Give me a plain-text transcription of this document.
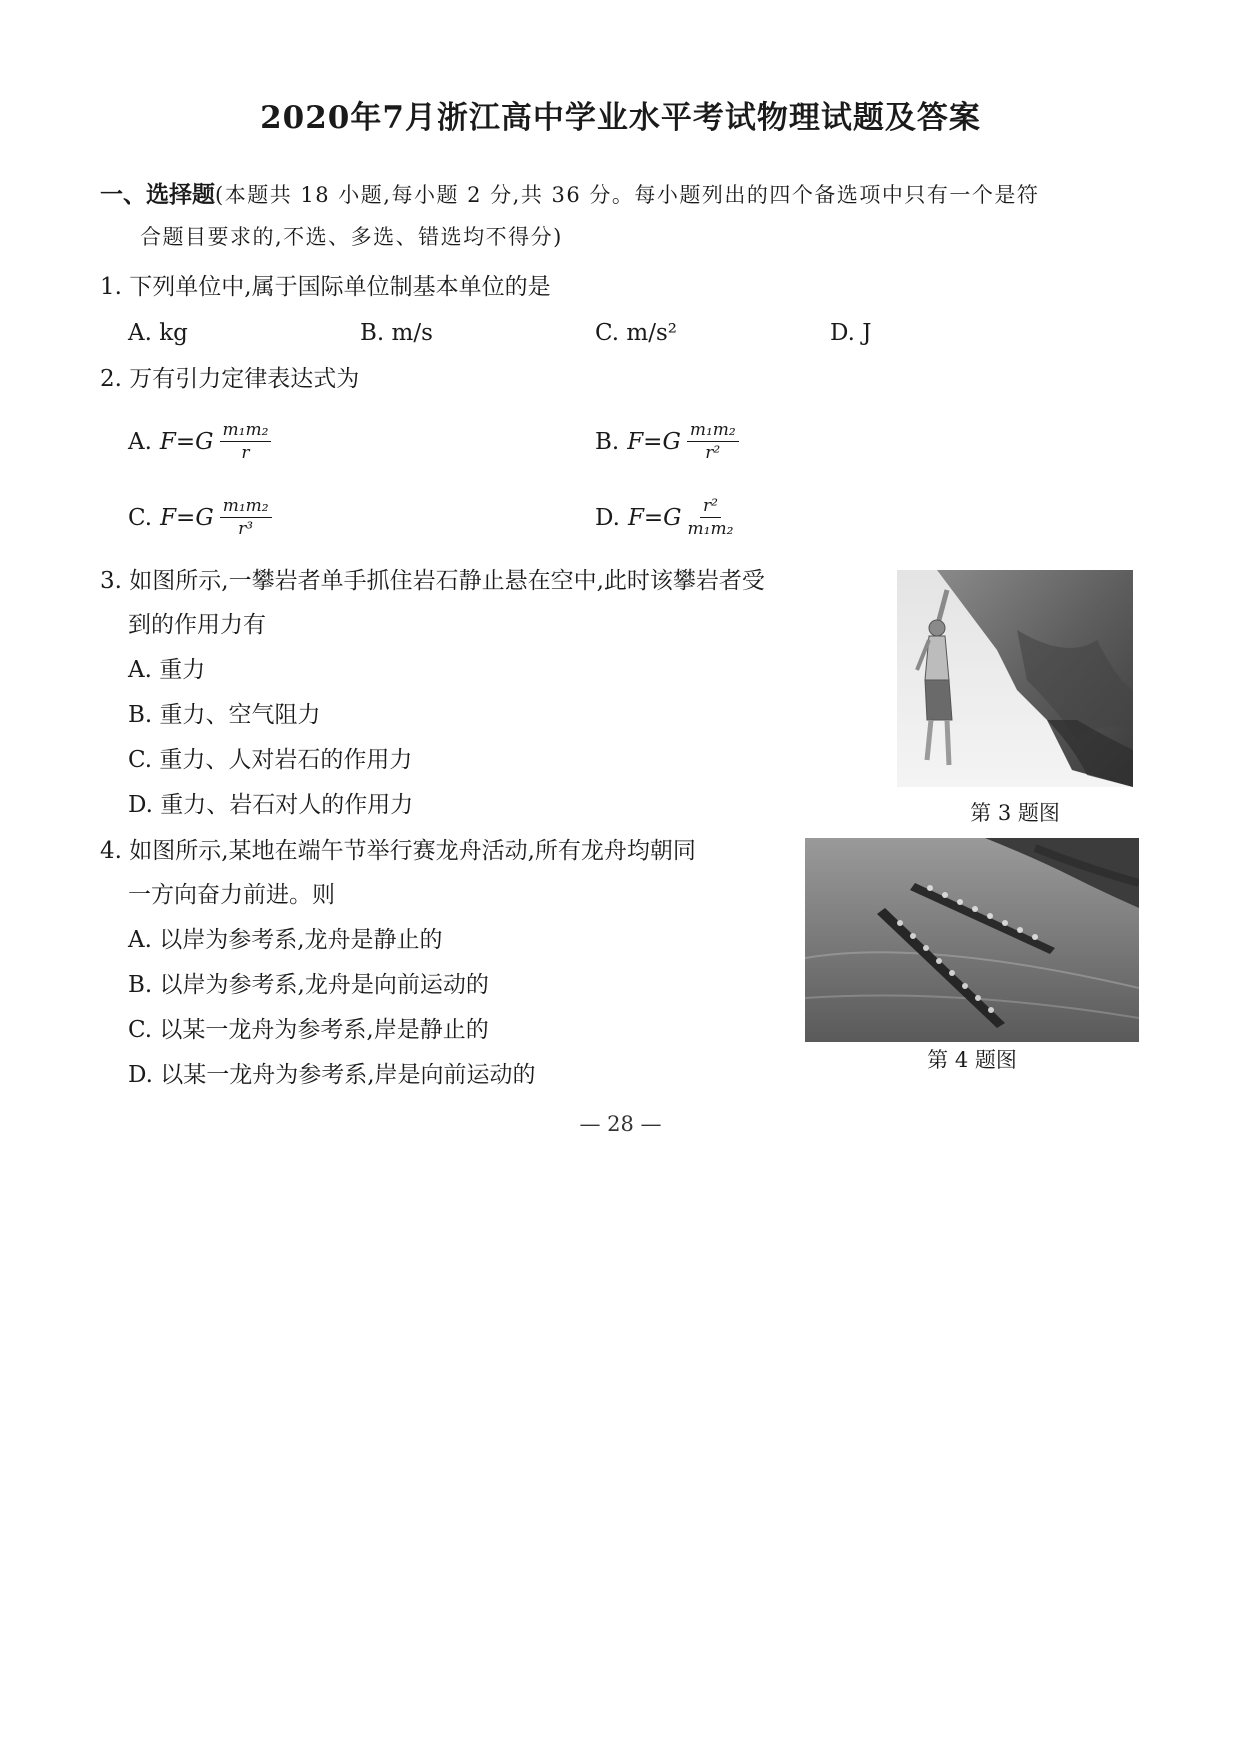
2020年7月浙江高中学业水平考试物理试题及答案
一、选择题(本题共 18 小题,每小题 2 分,共 36 分。每小题列出的四个备选项中只有一个是符
合题目要求的,不选、多选、错选均不得分)
1. 下列单位中,属于国际单位制基本单位的是
A. kg	B. m/s	C. m/s²	D. J
2. 万有引力定律表达式为
A. $F=G \frac{\text{m₁m₂}}{r}$	B. $F=G \frac{\text{m₁m₂}}{\text{r²}}$
C. $F=G \frac{\text{m₁m₂}}{\text{r³}}$	D. $F=G \frac{\text{r²}}{\text{m₁m₂}}$
3. 如图所示,一攀岩者单手抓住岩石静止悬在空中,此时该攀岩者受
到的作用力有
A. 重力
B. 重力、空气阻力
C. 重力、人对岩石的作用力
D. 重力、岩石对人的作用力	第 3 题图
4. 如图所示,某地在端午节举行赛龙舟活动,所有龙舟均朝同
一方向奋力前进。则
A. 以岸为参考系,龙舟是静止的
B. 以岸为参考系,龙舟是向前运动的
C. 以某一龙舟为参考系,岸是静止的
D. 以某一龙舟为参考系,岸是向前运动的
第 4 题图
— 28 —
